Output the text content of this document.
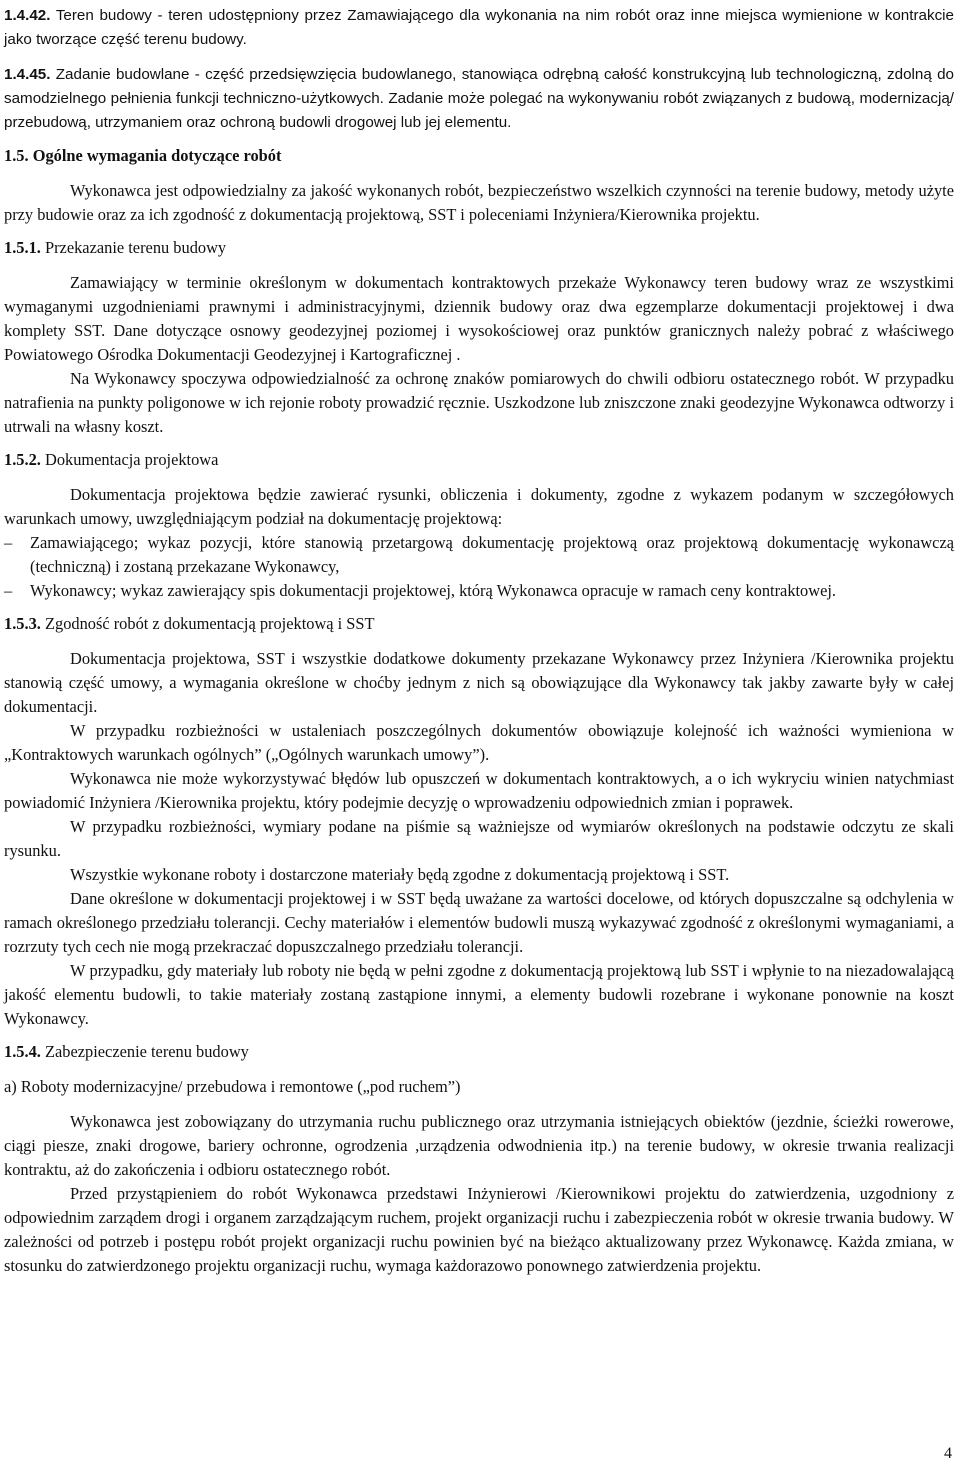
1.4.42. Teren budowy - teren udostępniony przez Zamawiającego dla wykonania na nim robót oraz inne miejsca wymienione w kontrakcie jako tworzące część terenu budowy.

1.4.45. Zadanie budowlane - część przedsięwzięcia budowlanego, stanowiąca odrębną całość konstrukcyjną lub technologiczną, zdolną do samodzielnego pełnienia funkcji techniczno-użytkowych. Zadanie może polegać na wykonywaniu robót związanych z budową, modernizacją/ przebudową, utrzymaniem oraz ochroną budowli drogowej lub jej elementu.

1.5. Ogólne wymagania dotyczące robót

Wykonawca jest odpowiedzialny za jakość wykonanych robót, bezpieczeństwo wszelkich czynności na terenie budowy, metody użyte przy budowie oraz za ich zgodność z dokumentacją projektową, SST i poleceniami Inżyniera/Kierownika projektu.

1.5.1. Przekazanie terenu budowy

Zamawiający w terminie określonym w dokumentach kontraktowych przekaże Wykonawcy teren budowy wraz ze wszystkimi wymaganymi uzgodnieniami prawnymi i administracyjnymi, dziennik budowy oraz dwa egzemplarze dokumentacji projektowej i dwa komplety SST. Dane dotyczące osnowy geodezyjnej poziomej i wysokościowej oraz punktów granicznych należy pobrać z właściwego Powiatowego Ośrodka Dokumentacji Geodezyjnej i Kartograficznej .

Na Wykonawcy spoczywa odpowiedzialność za ochronę znaków pomiarowych do chwili odbioru ostatecznego robót. W przypadku natrafienia na punkty poligonowe w ich rejonie roboty prowadzić ręcznie. Uszkodzone lub zniszczone znaki geodezyjne Wykonawca odtworzy i utrwali na własny koszt.

1.5.2. Dokumentacja projektowa

Dokumentacja projektowa będzie zawierać rysunki, obliczenia i dokumenty, zgodne z wykazem podanym w szczegółowych warunkach umowy, uwzględniającym podział na dokumentację projektową:

– Zamawiającego; wykaz pozycji, które stanowią przetargową dokumentację projektową oraz projektową dokumentację wykonawczą (techniczną) i zostaną przekazane Wykonawcy,
– Wykonawcy; wykaz zawierający spis dokumentacji projektowej, którą Wykonawca opracuje w ramach ceny kontraktowej.

1.5.3. Zgodność robót z dokumentacją projektową i SST

Dokumentacja projektowa, SST i wszystkie dodatkowe dokumenty przekazane Wykonawcy przez Inżyniera /Kierownika projektu stanowią część umowy, a wymagania określone w choćby jednym z nich są obowiązujące dla Wykonawcy tak jakby zawarte były w całej dokumentacji.

W przypadku rozbieżności w ustaleniach poszczególnych dokumentów obowiązuje kolejność ich ważności wymieniona w „Kontraktowych warunkach ogólnych” („Ogólnych warunkach umowy”).

Wykonawca nie może wykorzystywać błędów lub opuszczeń w dokumentach kontraktowych, a o ich wykryciu winien natychmiast powiadomić Inżyniera /Kierownika projektu, który podejmie decyzję o wprowadzeniu odpowiednich zmian i poprawek.

W przypadku rozbieżności, wymiary podane na piśmie są ważniejsze od wymiarów określonych na podstawie odczytu ze skali rysunku.

Wszystkie wykonane roboty i dostarczone materiały będą zgodne z dokumentacją projektową i SST.

Dane określone w dokumentacji projektowej i w SST będą uważane za wartości docelowe, od których dopuszczalne są odchylenia w ramach określonego przedziału tolerancji. Cechy materiałów i elementów budowli muszą wykazywać zgodność z określonymi wymaganiami, a rozrzuty tych cech nie mogą przekraczać dopuszczalnego przedziału tolerancji.

W przypadku, gdy materiały lub roboty nie będą w pełni zgodne z dokumentacją projektową lub SST i wpłynie to na niezadowalającą jakość elementu budowli, to takie materiały zostaną zastąpione innymi, a elementy budowli rozebrane i wykonane ponownie na koszt Wykonawcy.

1.5.4. Zabezpieczenie terenu budowy

a) Roboty modernizacyjne/ przebudowa i remontowe („pod ruchem”)

Wykonawca jest zobowiązany do utrzymania ruchu publicznego oraz utrzymania istniejących obiektów (jezdnie, ścieżki rowerowe, ciągi piesze, znaki drogowe, bariery ochronne, ogrodzenia ,urządzenia odwodnienia itp.) na terenie budowy, w okresie trwania realizacji kontraktu, aż do zakończenia i odbioru ostatecznego robót.

Przed przystąpieniem do robót Wykonawca przedstawi Inżynierowi /Kierownikowi projektu do zatwierdzenia, uzgodniony z odpowiednim zarządem drogi i organem zarządzającym ruchem, projekt organizacji ruchu i zabezpieczenia robót w okresie trwania budowy. W zależności od potrzeb i postępu robót projekt organizacji ruchu powinien być na bieżąco aktualizowany przez Wykonawcę. Każda zmiana, w stosunku do zatwierdzonego projektu organizacji ruchu, wymaga każdorazowo ponownego zatwierdzenia projektu.

4
